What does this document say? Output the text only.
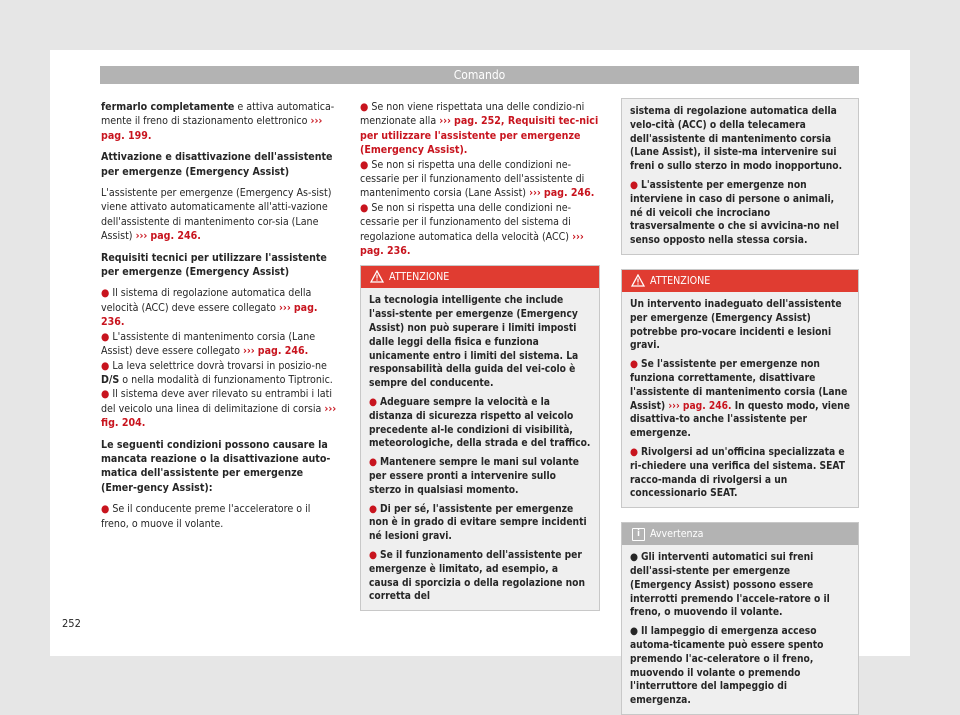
Comando

fermarlo completamente e attiva automatica-mente il freno di stazionamento elettronico ››› pag. 199.

Attivazione e disattivazione dell'assistente per emergenze (Emergency Assist)

L'assistente per emergenze (Emergency As-sist) viene attivato automaticamente all'atti-vazione dell'assistente di mantenimento cor-sia (Lane Assist) ››› pag. 246.

Requisiti tecnici per utilizzare l'assistente per emergenze (Emergency Assist)

● Il sistema di regolazione automatica della velocità (ACC) deve essere collegato ››› pag. 236.

● L'assistente di mantenimento corsia (Lane Assist) deve essere collegato ››› pag. 246.

● La leva selettrice dovrà trovarsi in posizio-ne D/S o nella modalità di funzionamento Tiptronic.

● Il sistema deve aver rilevato su entrambi i lati del veicolo una linea di delimitazione di corsia ››› fig. 204.

Le seguenti condizioni possono causare la mancata reazione o la disattivazione auto-matica dell'assistente per emergenze (Emer-gency Assist):

● Se il conducente preme l'acceleratore o il freno, o muove il volante.

● Se non viene rispettata una delle condizio-ni menzionate alla ››› pag. 252, Requisiti tec-nici per utilizzare l'assistente per emergenze (Emergency Assist).

● Se non si rispetta una delle condizioni ne-cessarie per il funzionamento dell'assistente di mantenimento corsia (Lane Assist) ››› pag. 246.

● Se non si rispetta una delle condizioni ne-cessarie per il funzionamento del sistema di regolazione automatica della velocità (ACC) ››› pag. 236.

ATTENZIONE

La tecnologia intelligente che include l'assi-stente per emergenze (Emergency Assist) non può superare i limiti imposti dalle leggi della fisica e funziona unicamente entro i limiti del sistema. La responsabilità della guida del vei-colo è sempre del conducente.

● Adeguare sempre la velocità e la distanza di sicurezza rispetto al veicolo precedente al-le condizioni di visibilità, meteorologiche, della strada e del traffico.

● Mantenere sempre le mani sul volante per essere pronti a intervenire sullo sterzo in qualsiasi momento.

● Di per sé, l'assistente per emergenze non è in grado di evitare sempre incidenti né lesioni gravi.

● Se il funzionamento dell'assistente per emergenze è limitato, ad esempio, a causa di sporcizia o della regolazione non corretta del

sistema di regolazione automatica della velo-cità (ACC) o della telecamera dell'assistente di mantenimento corsia (Lane Assist), il siste-ma intervenire sui freni o sullo sterzo in modo inopportuno.

● L'assistente per emergenze non interviene in caso di persone o animali, né di veicoli che incrociano trasversalmente o che si avvicina-no nel senso opposto nella stessa corsia.

ATTENZIONE

Un intervento inadeguato dell'assistente per emergenze (Emergency Assist) potrebbe pro-vocare incidenti e lesioni gravi.

● Se l'assistente per emergenze non funziona correttamente, disattivare l'assistente di mantenimento corsia (Lane Assist) ››› pag. 246. In questo modo, viene disattiva-to anche l'assistente per emergenze.

● Rivolgersi ad un'officina specializzata e ri-chiedere una verifica del sistema. SEAT racco-manda di rivolgersi a un concessionario SEAT.

i Avvertenza

● Gli interventi automatici sui freni dell'assi-stente per emergenze (Emergency Assist) possono essere interrotti premendo l'accele-ratore o il freno, o muovendo il volante.

● Il lampeggio di emergenza acceso automa-ticamente può essere spento premendo l'ac-celeratore o il freno, muovendo il volante o premendo l'interruttore del lampeggio di emergenza.

252
